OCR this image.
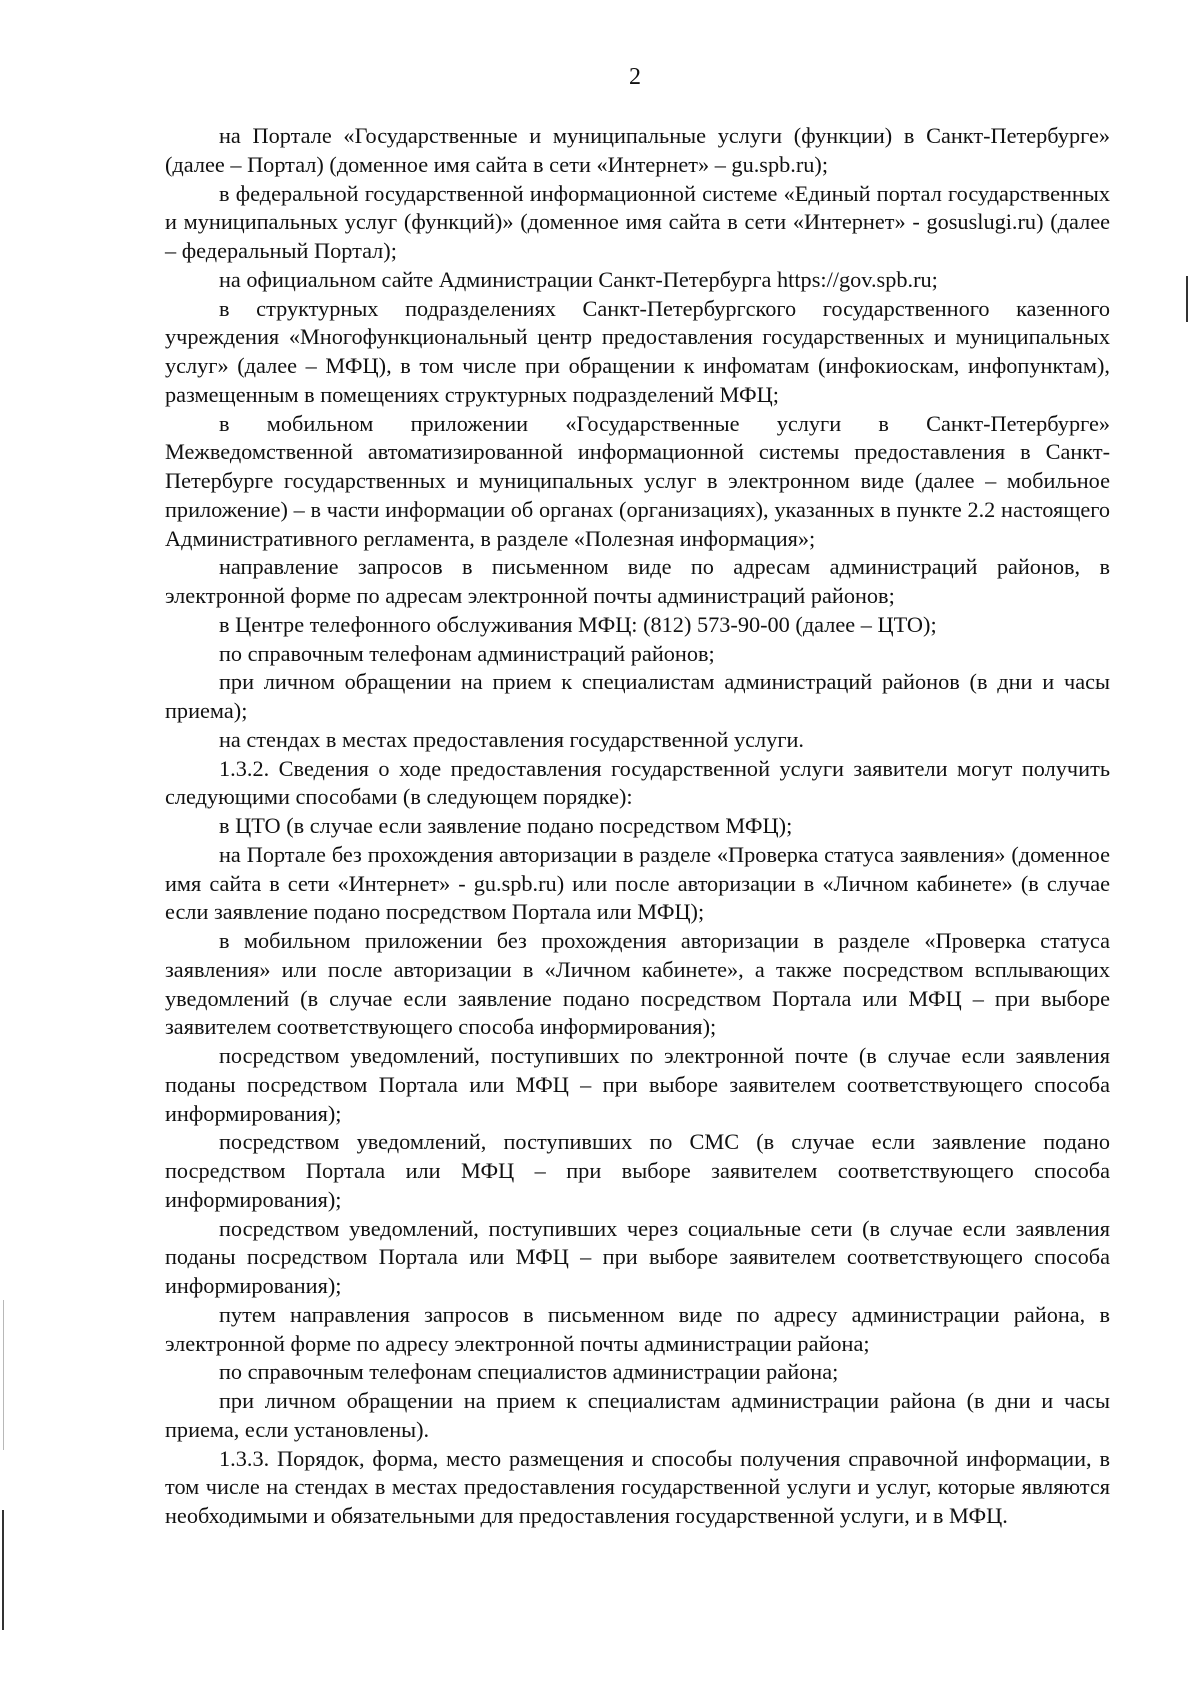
2

на Портале «Государственные и муниципальные услуги (функции) в Санкт-Петербурге» (далее – Портал) (доменное имя сайта в сети «Интернет» – gu.spb.ru);

в федеральной государственной информационной системе «Единый портал государственных и муниципальных услуг (функций)» (доменное имя сайта в сети «Интернет» - gosuslugi.ru) (далее – федеральный Портал);

на официальном сайте Администрации Санкт-Петербурга https://gov.spb.ru;

в структурных подразделениях Санкт-Петербургского государственного казенного учреждения «Многофункциональный центр предоставления государственных и муниципальных услуг» (далее – МФЦ), в том числе при обращении к инфоматам (инфокиоскам, инфопунктам), размещенным в помещениях структурных подразделений МФЦ;

в мобильном приложении «Государственные услуги в Санкт-Петербурге» Межведомственной автоматизированной информационной системы предоставления в Санкт-Петербурге государственных и муниципальных услуг в электронном виде (далее – мобильное приложение) – в части информации об органах (организациях), указанных в пункте 2.2 настоящего Административного регламента, в разделе «Полезная информация»;

направление запросов в письменном виде по адресам администраций районов, в электронной форме по адресам электронной почты администраций районов;

в Центре телефонного обслуживания МФЦ: (812) 573-90-00 (далее – ЦТО);

по справочным телефонам администраций районов;

при личном обращении на прием к специалистам администраций районов (в дни и часы приема);

на стендах в местах предоставления государственной услуги.

1.3.2. Сведения о ходе предоставления государственной услуги заявители могут получить следующими способами (в следующем порядке):

в ЦТО (в случае если заявление подано посредством МФЦ);

на Портале без прохождения авторизации в разделе «Проверка статуса заявления» (доменное имя сайта в сети «Интернет» - gu.spb.ru) или после авторизации в «Личном кабинете» (в случае если заявление подано посредством Портала или МФЦ);

в мобильном приложении без прохождения авторизации в разделе «Проверка статуса заявления» или после авторизации в «Личном кабинете», а также посредством всплывающих уведомлений (в случае если заявление подано посредством Портала или МФЦ – при выборе заявителем соответствующего способа информирования);

посредством уведомлений, поступивших по электронной почте (в случае если заявления поданы посредством Портала или МФЦ – при выборе заявителем соответствующего способа информирования);

посредством уведомлений, поступивших по СМС (в случае если заявление подано посредством Портала или МФЦ – при выборе заявителем соответствующего способа информирования);

посредством уведомлений, поступивших через социальные сети (в случае если заявления поданы посредством Портала или МФЦ – при выборе заявителем соответствующего способа информирования);

путем направления запросов в письменном виде по адресу администрации района, в электронной форме по адресу электронной почты администрации района;

по справочным телефонам специалистов администрации района;

при личном обращении на прием к специалистам администрации района (в дни и часы приема, если установлены).

1.3.3. Порядок, форма, место размещения и способы получения справочной информации, в том числе на стендах в местах предоставления государственной услуги и услуг, которые являются необходимыми и обязательными для предоставления государственной услуги, и в МФЦ.
